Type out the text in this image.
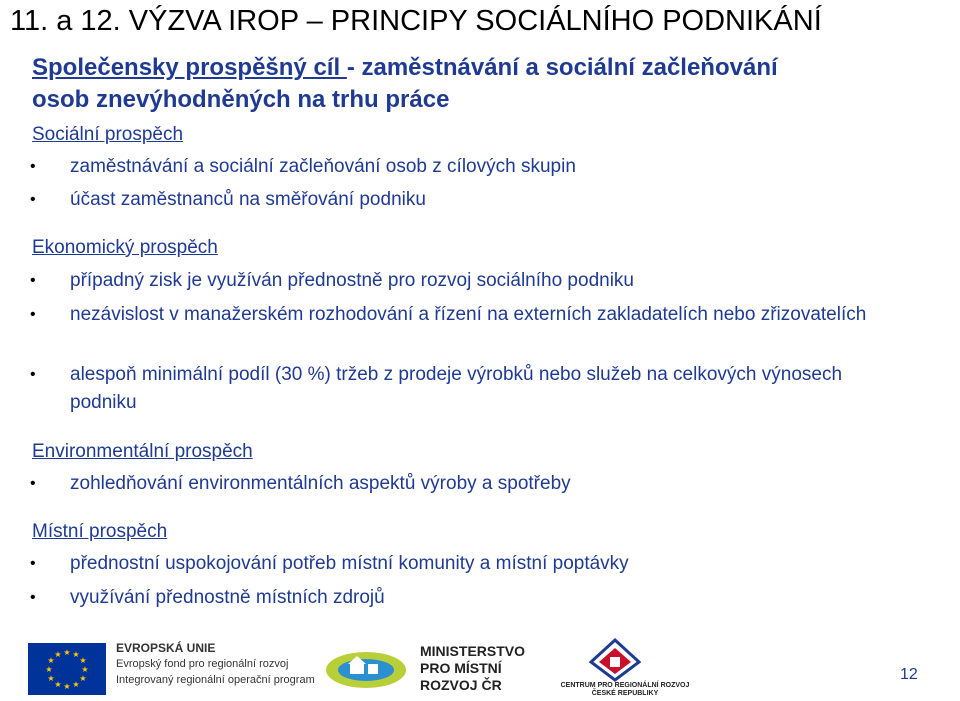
11. a 12. VÝZVA IROP – PRINCIPY SOCIÁLNÍHO PODNIKÁNÍ
Společensky prospěšný cíl - zaměstnávání a sociální začleňování
osob znevýhodněných na trhu práce
Sociální prospěch
• zaměstnávání a sociální začleňování osob z cílových skupin
• účast zaměstnanců na směřování podniku
Ekonomický prospěch
• případný zisk je využíván přednostně pro rozvoj sociálního podniku
• nezávislost v manažerském rozhodování a řízení na externích zakladatelích nebo zřizovatelích
• alespoň minimální podíl (30 %) tržeb z prodeje výrobků nebo služeb na celkových výnosech podniku
Environmentální prospěch
• zohledňování environmentálních aspektů výroby a spotřeby
Místní prospěch
• přednostní uspokojování potřeb místní komunity a místní poptávky
• využívání přednostně místních zdrojů
★ ★
★
★
★
★
★
★
★
★
★
★	EVROPSKÁ UNIE
Evropský fond pro regionální rozvoj
Integrovaný regionální operační program
MINISTERSTVO
PRO MÍSTNÍ
ROZVOJ ČR	CENTRUM PRO REGIONÁLNÍ ROZVOJ
ČESKÉ REPUBLIKY
12
